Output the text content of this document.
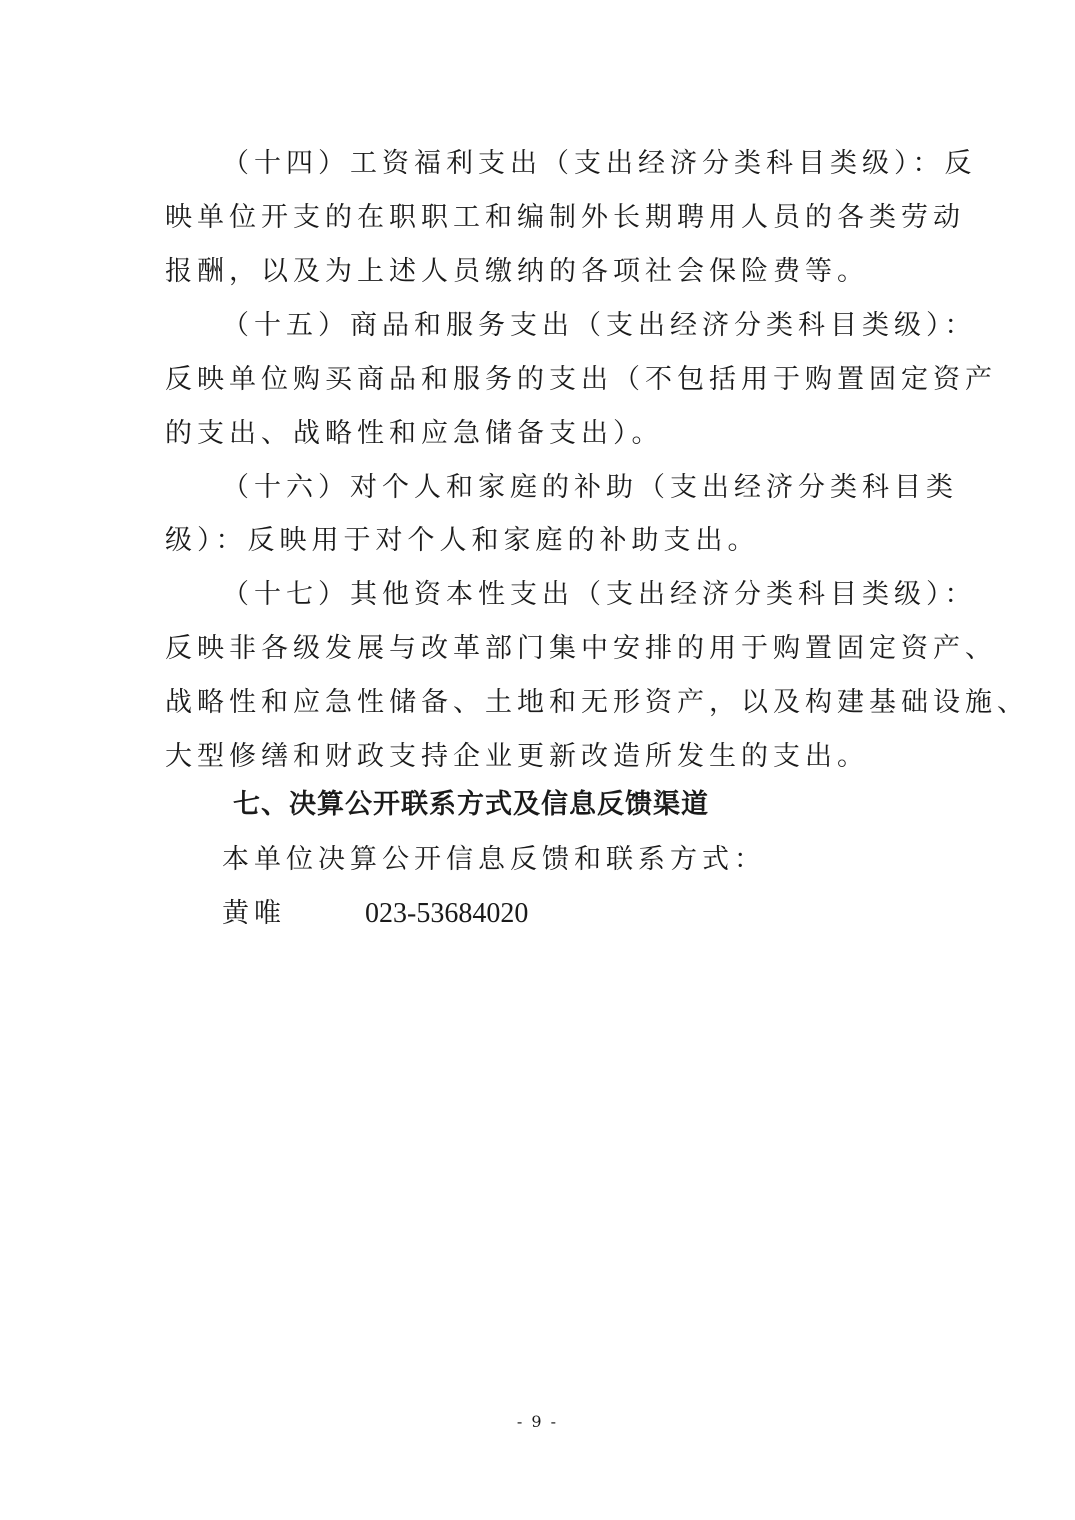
（十四）工资福利支出（支出经济分类科目类级）：反
映单位开支的在职职工和编制外长期聘用人员的各类劳动
报酬，以及为上述人员缴纳的各项社会保险费等。
（十五）商品和服务支出（支出经济分类科目类级）：
反映单位购买商品和服务的支出（不包括用于购置固定资产
的支出、战略性和应急储备支出）。
（十六）对个人和家庭的补助（支出经济分类科目类
级）：反映用于对个人和家庭的补助支出。
（十七）其他资本性支出（支出经济分类科目类级）：
反映非各级发展与改革部门集中安排的用于购置固定资产、
战略性和应急性储备、土地和无形资产，以及构建基础设施、
大型修缮和财政支持企业更新改造所发生的支出。
七、决算公开联系方式及信息反馈渠道
本单位决算公开信息反馈和联系方式：
黄唯	023-53684020
- 9 -
